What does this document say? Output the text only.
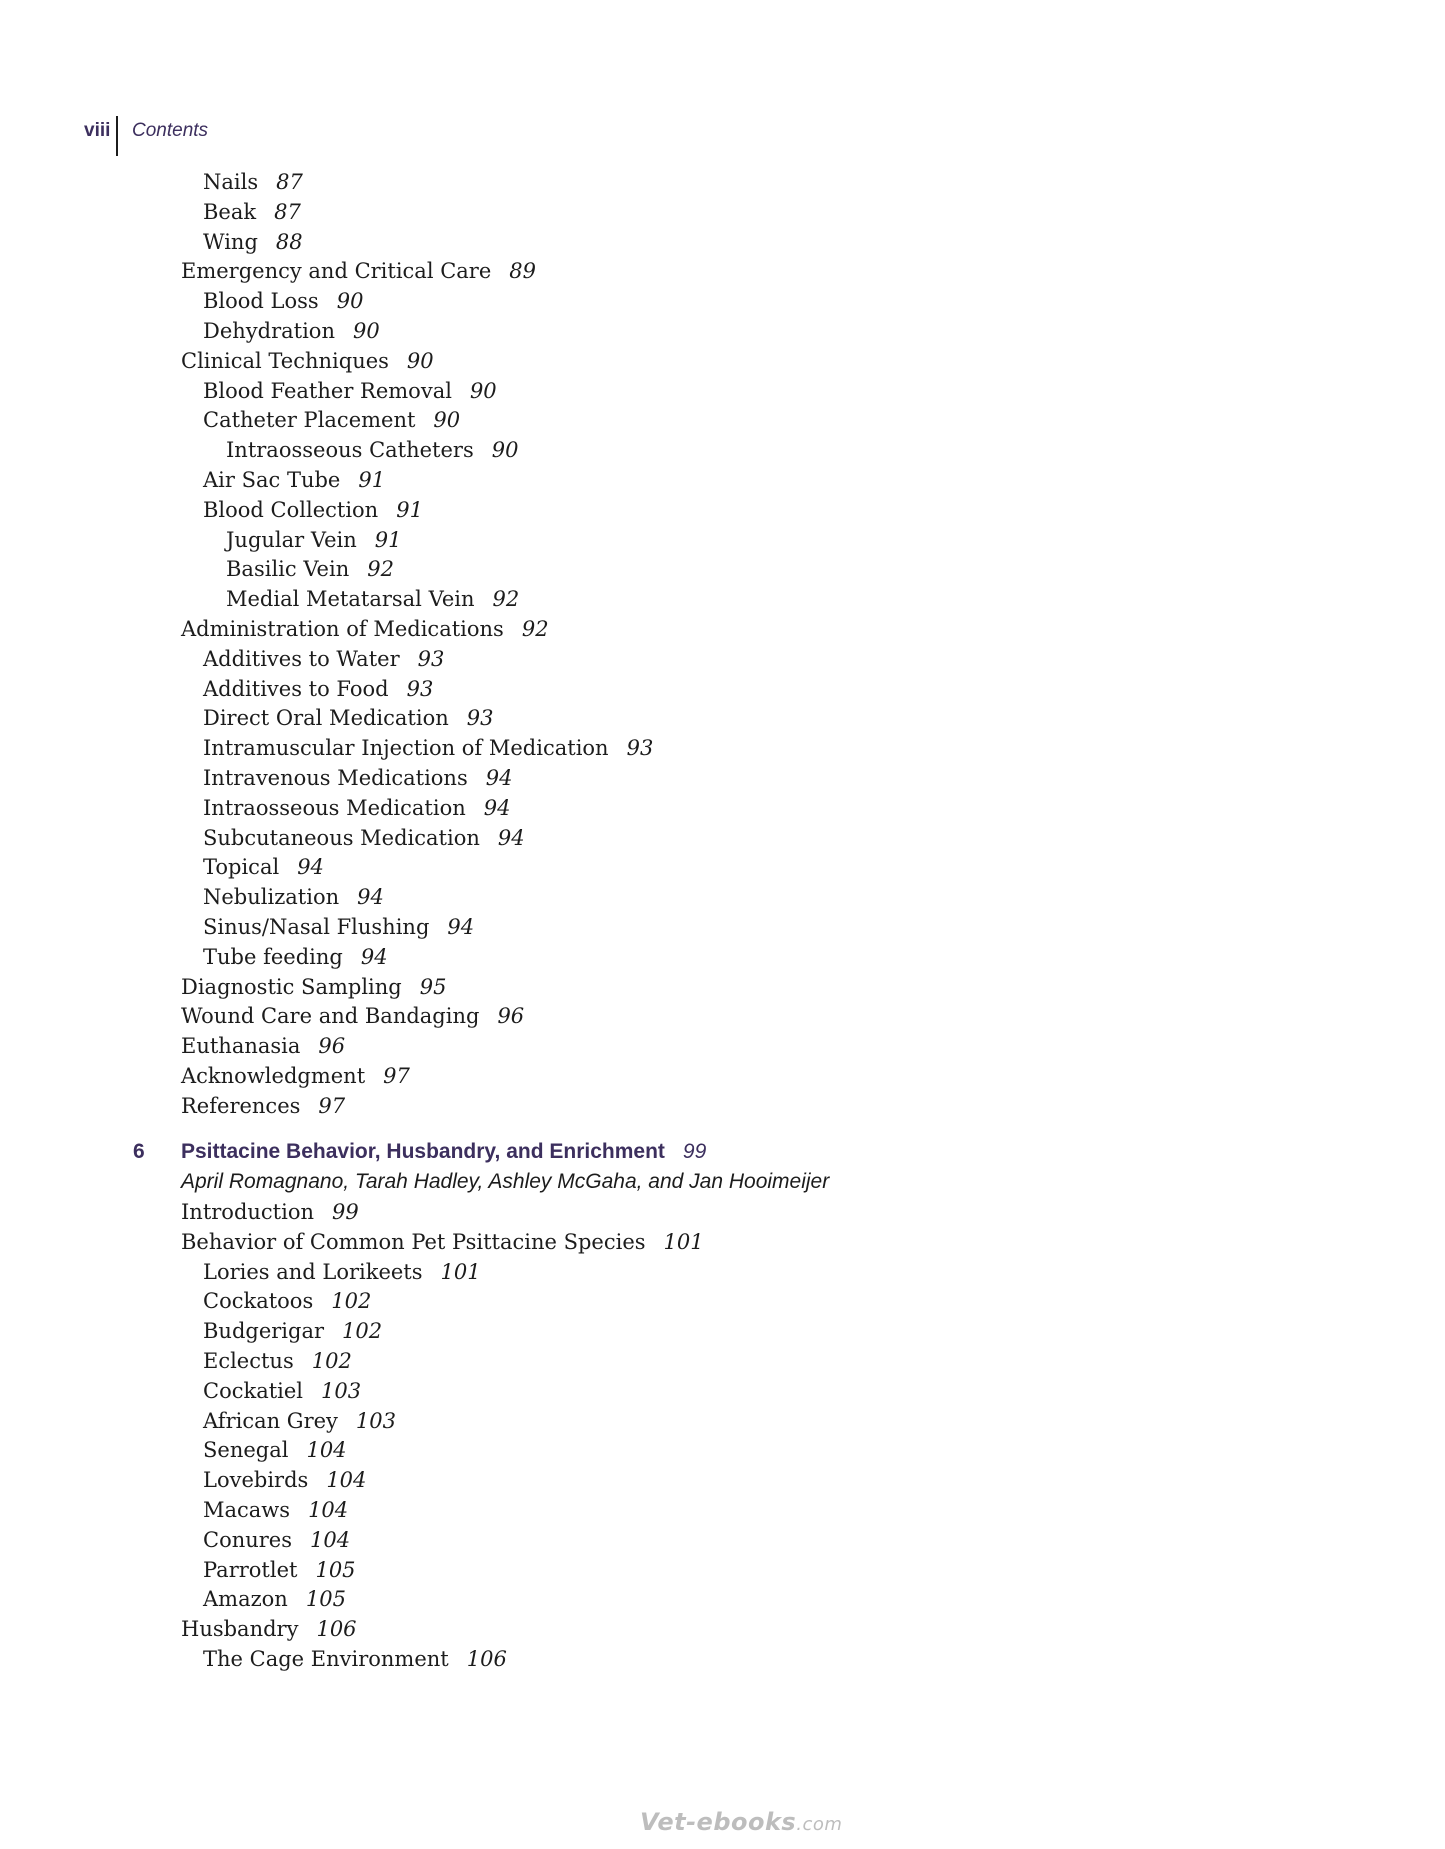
viii Contents
Nails 87
Beak 87
Wing 88
Emergency and Critical Care 89
Blood Loss 90
Dehydration 90
Clinical Techniques 90
Blood Feather Removal 90
Catheter Placement 90
Intraosseous Catheters 90
Air Sac Tube 91
Blood Collection 91
Jugular Vein 91
Basilic Vein 92
Medial Metatarsal Vein 92
Administration of Medications 92
Additives to Water 93
Additives to Food 93
Direct Oral Medication 93
Intramuscular Injection of Medication 93
Intravenous Medications 94
Intraosseous Medication 94
Subcutaneous Medication 94
Topical 94
Nebulization 94
Sinus/Nasal Flushing 94
Tube feeding 94
Diagnostic Sampling 95
Wound Care and Bandaging 96
Euthanasia 96
Acknowledgment 97
References 97
6 Psittacine Behavior, Husbandry, and Enrichment 99
April Romagnano, Tarah Hadley, Ashley McGaha, and Jan Hooimeijer
Introduction 99
Behavior of Common Pet Psittacine Species 101
Lories and Lorikeets 101
Cockatoos 102
Budgerigar 102
Eclectus 102
Cockatiel 103
African Grey 103
Senegal 104
Lovebirds 104
Macaws 104
Conures 104
Parrotlet 105
Amazon 105
Husbandry 106
The Cage Environment 106
Vet-ebooks.com
